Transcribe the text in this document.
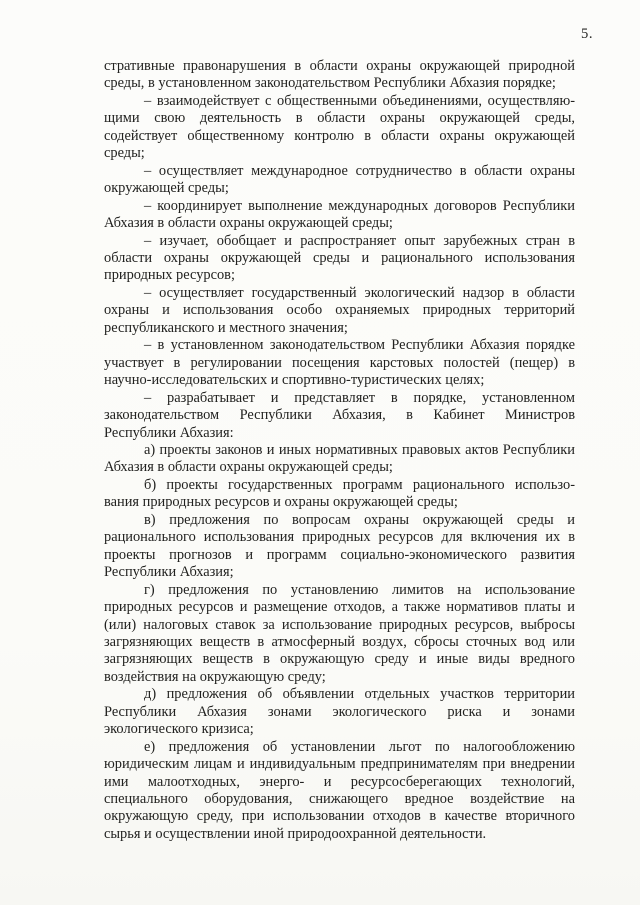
5.
стративные правонарушения в области охраны окружающей природной
среды, в установленном законодательством Республики Абхазия порядке;
– взаимодействует с общественными объединениями, осуществляю-
щими свою деятельность в области охраны окружающей среды,
содействует общественному контролю в области охраны окружающей
среды;
– осуществляет международное сотрудничество в области охраны
окружающей среды;
– координирует выполнение международных договоров Республики
Абхазия в области охраны окружающей среды;
– изучает, обобщает и распространяет опыт зарубежных стран в
области охраны окружающей среды и рационального использования
природных ресурсов;
– осуществляет государственный экологический надзор в области
охраны и использования особо охраняемых природных территорий
республиканского и местного значения;
– в установленном законодательством Республики Абхазия порядке
участвует в регулировании посещения карстовых полостей (пещер) в
научно-исследовательских и спортивно-туристических целях;
– разрабатывает и представляет в порядке, установленном
законодательством Республики Абхазия, в Кабинет Министров
Республики Абхазия:
а) проекты законов и иных нормативных правовых актов Республики
Абхазия в области охраны окружающей среды;
б) проекты государственных программ рационального использо-
вания природных ресурсов и охраны окружающей среды;
в) предложения по вопросам охраны окружающей среды и
рационального использования природных ресурсов для включения их в
проекты прогнозов и программ социально-экономического развития
Республики Абхазия;
г) предложения по установлению лимитов на использование
природных ресурсов и размещение отходов, а также нормативов платы и
(или) налоговых ставок за использование природных ресурсов, выбросы
загрязняющих веществ в атмосферный воздух, сбросы сточных вод или
загрязняющих веществ в окружающую среду и иные виды вредного
воздействия на окружающую среду;
д) предложения об объявлении отдельных участков территории
Республики Абхазия зонами экологического риска и зонами
экологического кризиса;
е) предложения об установлении льгот по налогообложению
юридическим лицам и индивидуальным предпринимателям при внедрении
ими малоотходных, энерго- и ресурсосберегающих технологий,
специального оборудования, снижающего вредное воздействие на
окружающую среду, при использовании отходов в качестве вторичного
сырья и осуществлении иной природоохранной деятельности.
